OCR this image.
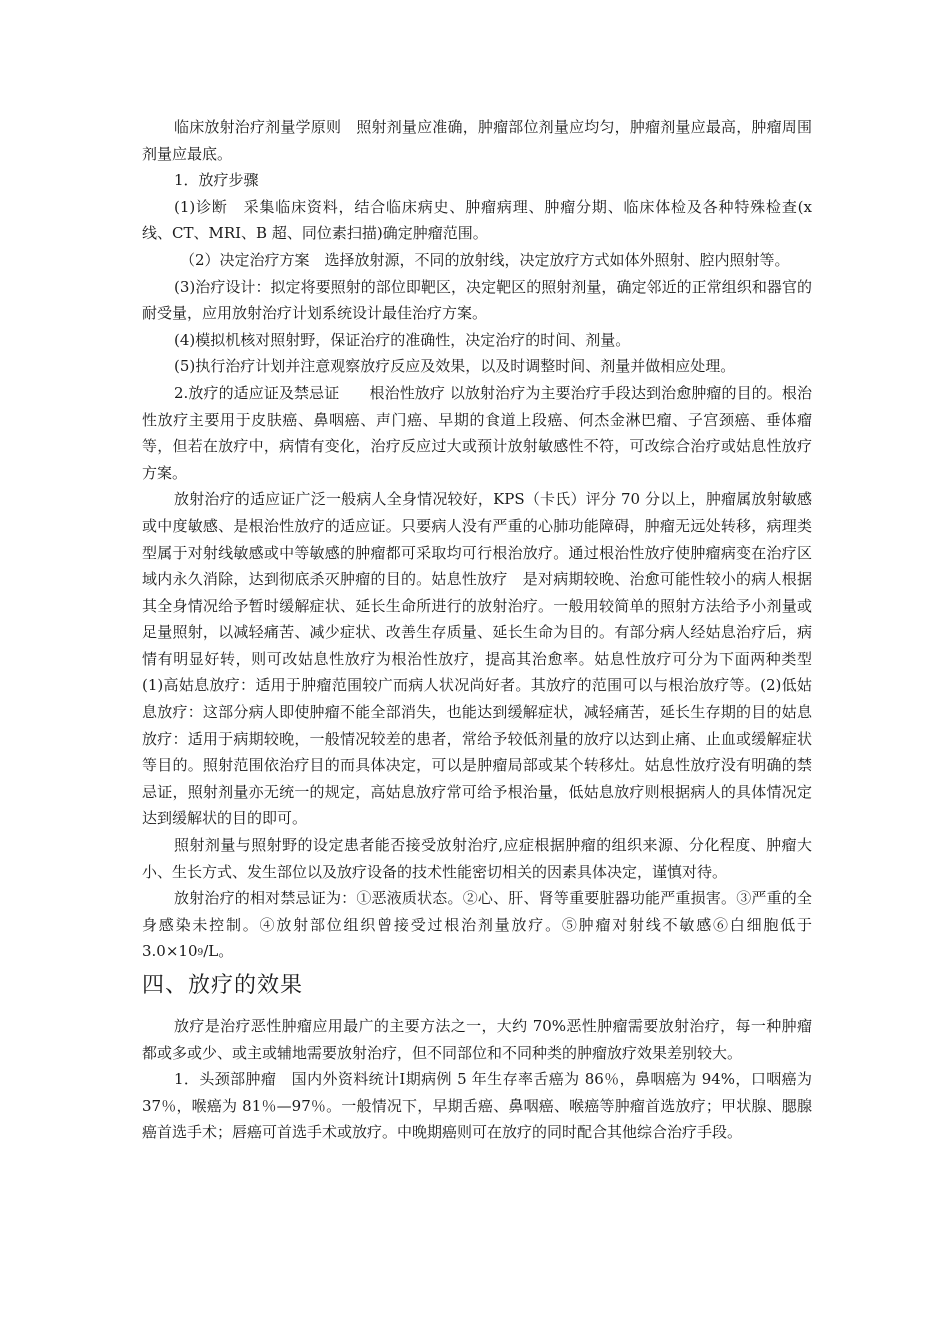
临床放射治疗剂量学原则　照射剂量应准确，肿瘤部位剂量应均匀，肿瘤剂量应最高，肿瘤周围剂量应最底。

1．放疗步骤

(1)诊断　采集临床资料，结合临床病史、肿瘤病理、肿瘤分期、临床体检及各种特殊检查(x 线、CT、MRI、B 超、同位素扫描)确定肿瘤范围。

（2）决定治疗方案　选择放射源，不同的放射线，决定放疗方式如体外照射、腔内照射等。

(3)治疗设计：拟定将要照射的部位即靶区，决定靶区的照射剂量，确定邻近的正常组织和器官的耐受量，应用放射治疗计划系统设计最佳治疗方案。

(4)模拟机核对照射野，保证治疗的准确性，决定治疗的时间、剂量。

(5)执行治疗计划并注意观察放疗反应及效果，以及时调整时间、剂量并做相应处理。

2.放疗的适应证及禁忌证　　根治性放疗 以放射治疗为主要治疗手段达到治愈肿瘤的目的。根治性放疗主要用于皮肤癌、鼻咽癌、声门癌、早期的食道上段癌、何杰金淋巴瘤、子宫颈癌、垂体瘤等，但若在放疗中，病情有变化，治疗反应过大或预计放射敏感性不符，可改综合治疗或姑息性放疗方案。

放射治疗的适应证广泛一般病人全身情况较好，KPS（卡氏）评分 70 分以上，肿瘤属放射敏感或中度敏感、是根治性放疗的适应证。只要病人没有严重的心肺功能障碍，肿瘤无远处转移，病理类型属于对射线敏感或中等敏感的肿瘤都可采取均可行根治放疗。通过根治性放疗使肿瘤病变在治疗区域内永久消除，达到彻底杀灭肿瘤的目的。姑息性放疗　是对病期较晚、治愈可能性较小的病人根据其全身情况给予暂时缓解症状、延长生命所进行的放射治疗。一般用较简单的照射方法给予小剂量或足量照射，以减轻痛苦、减少症状、改善生存质量、延长生命为目的。有部分病人经姑息治疗后，病情有明显好转，则可改姑息性放疗为根治性放疗，提高其治愈率。姑息性放疗可分为下面两种类型 (1)高姑息放疗：适用于肿瘤范围较广而病人状况尚好者。其放疗的范围可以与根治放疗等。(2)低姑息放疗：这部分病人即使肿瘤不能全部消失，也能达到缓解症状，减轻痛苦，延长生存期的目的姑息放疗：适用于病期较晚，一般情况较差的患者，常给予较低剂量的放疗以达到止痛、止血或缓解症状等目的。照射范围依治疗目的而具体决定，可以是肿瘤局部或某个转移灶。姑息性放疗没有明确的禁忌证，照射剂量亦无统一的规定，高姑息放疗常可给予根治量，低姑息放疗则根据病人的具体情况定达到缓解状的目的即可。

照射剂量与照射野的设定患者能否接受放射治疗,应症根据肿瘤的组织来源、分化程度、肿瘤大小、生长方式、发生部位以及放疗设备的技术性能密切相关的因素具体决定，谨慎对待。

放射治疗的相对禁忌证为：①恶液质状态。②心、肝、肾等重要脏器功能严重损害。③严重的全身感染未控制。④放射部位组织曾接受过根治剂量放疗。⑤肿瘤对射线不敏感⑥白细胞低于 $3.0\times 10^9/L$。

四、放疗的效果

放疗是治疗恶性肿瘤应用最广的主要方法之一，大约 70%恶性肿瘤需要放射治疗，每一种肿瘤都或多或少、或主或辅地需要放射治疗，但不同部位和不同种类的肿瘤放疗效果差别较大。

1．头颈部肿瘤　国内外资料统计Ⅰ期病例 5 年生存率舌癌为 86％，鼻咽癌为 94%，口咽癌为 37％，喉癌为 81％—97％。一般情况下，早期舌癌、鼻咽癌、喉癌等肿瘤首选放疗；甲状腺、腮腺癌首选手术；唇癌可首选手术或放疗。中晚期癌则可在放疗的同时配合其他综合治疗手段。
